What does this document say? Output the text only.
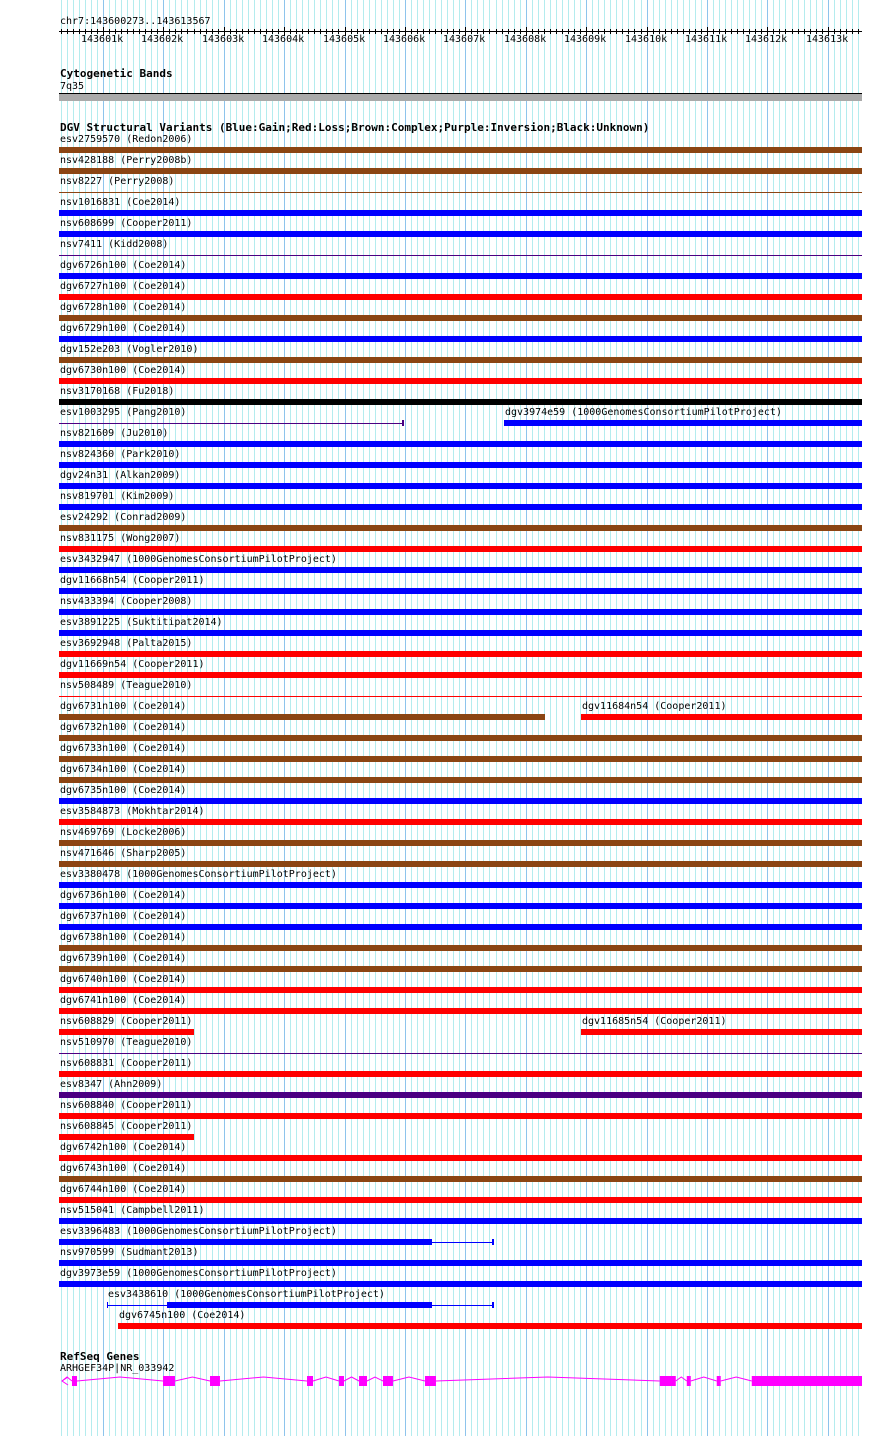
chr7:143600273..143613567
143601k 143602k 143603k 143604k 143605k 143606k 143607k 143608k 143609k 143610k 143611k 143612k 143613k
Cytogenetic Bands
7q35
DGV Structural Variants (Blue:Gain;Red:Loss;Brown:Complex;Purple:Inversion;Black:Unknown)
esv2759570 (Redon2006)
nsv428188 (Perry2008b)
nsv8227 (Perry2008)
nsv1016831 (Coe2014)
nsv608699 (Cooper2011)
nsv7411 (Kidd2008)
dgv6726n100 (Coe2014)
dgv6727n100 (Coe2014)
dgv6728n100 (Coe2014)
dgv6729n100 (Coe2014)
dgv152e203 (Vogler2010)
dgv6730n100 (Coe2014)
nsv3170168 (Fu2018)
esv1003295 (Pang2010)	dgv3974e59 (1000GenomesConsortiumPilotProject)
nsv821609 (Ju2010)
nsv824360 (Park2010)
dgv24n31 (Alkan2009)
nsv819701 (Kim2009)
esv24292 (Conrad2009)
nsv831175 (Wong2007)
esv3432947 (1000GenomesConsortiumPilotProject)
dgv11668n54 (Cooper2011)
nsv433394 (Cooper2008)
esv3891225 (Suktitipat2014)
esv3692948 (Palta2015)
dgv11669n54 (Cooper2011)
nsv508489 (Teague2010)
dgv6731n100 (Coe2014)	dgv11684n54 (Cooper2011)
dgv6732n100 (Coe2014)
dgv6733n100 (Coe2014)
dgv6734n100 (Coe2014)
dgv6735n100 (Coe2014)
esv3584873 (Mokhtar2014)
nsv469769 (Locke2006)
nsv471646 (Sharp2005)
esv3380478 (1000GenomesConsortiumPilotProject)
dgv6736n100 (Coe2014)
dgv6737n100 (Coe2014)
dgv6738n100 (Coe2014)
dgv6739n100 (Coe2014)
dgv6740n100 (Coe2014)
dgv6741n100 (Coe2014)
nsv608829 (Cooper2011)	dgv11685n54 (Cooper2011)
nsv510970 (Teague2010)
nsv608831 (Cooper2011)
esv8347 (Ahn2009)
nsv608840 (Cooper2011)
nsv608845 (Cooper2011)
dgv6742n100 (Coe2014)
dgv6743n100 (Coe2014)
dgv6744n100 (Coe2014)
nsv515041 (Campbell2011)
esv3396483 (1000GenomesConsortiumPilotProject)
nsv970599 (Sudmant2013)
dgv3973e59 (1000GenomesConsortiumPilotProject)
esv3438610 (1000GenomesConsortiumPilotProject)
dgv6745n100 (Coe2014)
RefSeq Genes
ARHGEF34P|NR_033942
